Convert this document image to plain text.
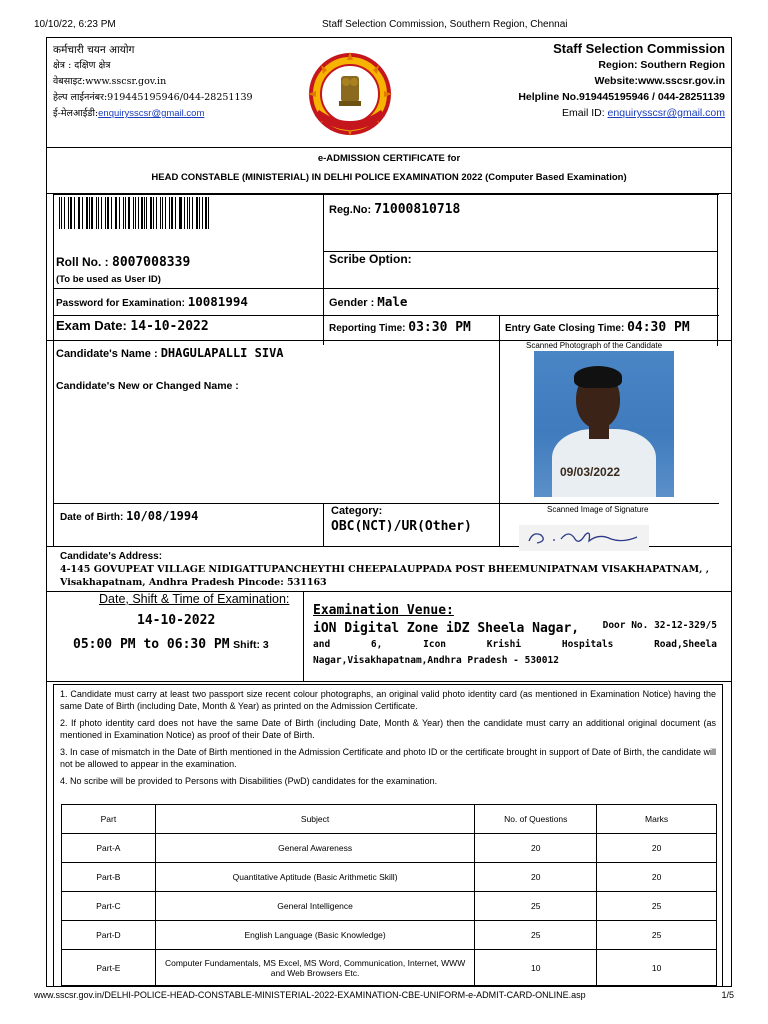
10/10/22, 6:23 PM	Staff Selection Commission, Southern Region, Chennai
कर्मचारी चयन आयोग
क्षेत्र : दक्षिण क्षेत्र
वेबसाइट:www.sscsr.gov.in
हेल्प लाईननंबर:919445195946/044-28251139
ई-मेलआईडी:enquirysscsr@gmail.com
Staff Selection Commission
Region: Southern Region
Website:www.sscsr.gov.in
Helpline No.919445195946 / 044-28251139
Email ID: enquirysscsr@gmail.com
e-ADMISSION CERTIFICATE for
HEAD CONSTABLE (MINISTERIAL) IN DELHI POLICE EXAMINATION 2022 (Computer Based Examination)
Reg.No: 71000810718
Roll No. : 8007008339
(To be used as User ID)
Scribe Option:
Password for Examination: 10081994	Gender : Male
Exam Date: 14-10-2022	Reporting Time: 03:30 PM	Entry Gate Closing Time: 04:30 PM
Candidate's Name : DHAGULAPALLI SIVA
Candidate's New or Changed Name :
Scanned Photograph of the Candidate
09/03/2022
Date of Birth: 10/08/1994	Category:
OBC(NCT)/UR(Other)
Scanned Image of Signature
Candidate's Address:
4-145 GOVUPEAT VILLAGE NIDIGATTUPANCHEYTHI CHEEPALAUPPADA POST BHEEMUNIPATNAM VISAKHAPATNAM, ,
Visakhapatnam, Andhra Pradesh Pincode: 531163
Date, Shift & Time of Examination:
14-10-2022
05:00 PM to 06:30 PM Shift: 3
Examination Venue:
iON Digital Zone iDZ Sheela Nagar, Door No. 32-12-329/5
and 6, Icon Krishi Hospitals Road,Sheela
Nagar,Visakhapatnam,Andhra Pradesh - 530012

1. Candidate must carry at least two passport size recent colour photographs, an original valid photo identity card (as mentioned in Examination Notice) having the same Date of Birth (including Date, Month & Year) as printed on the Admission Certificate.

2. If photo identity card does not have the same Date of Birth (including Date, Month & Year) then the candidate must carry an additional original document (as mentioned in Examination Notice) as proof of their Date of Birth.

3. In case of mismatch in the Date of Birth mentioned in the Admission Certificate and photo ID or the certificate brought in support of Date of Birth, the candidate will not be allowed to appear in the examination.

4. No scribe will be provided to Persons with Disabilities (PwD) candidates for the examination.

Part	Subject	No. of Questions	Marks
Part-A	General Awareness	20	20
Part-B	Quantitative Aptitude (Basic Arithmetic Skill)	20	20
Part-C	General Intelligence	25	25
Part-D	English Language (Basic Knowledge)	25	25
Part-E	Computer Fundamentals, MS Excel, MS Word, Communication, Internet, WWW and Web Browsers Etc.	10	10
www.sscsr.gov.in/DELHI-POLICE-HEAD-CONSTABLE-MINISTERIAL-2022-EXAMINATION-CBE-UNIFORM-e-ADMIT-CARD-ONLINE.asp	1/5
